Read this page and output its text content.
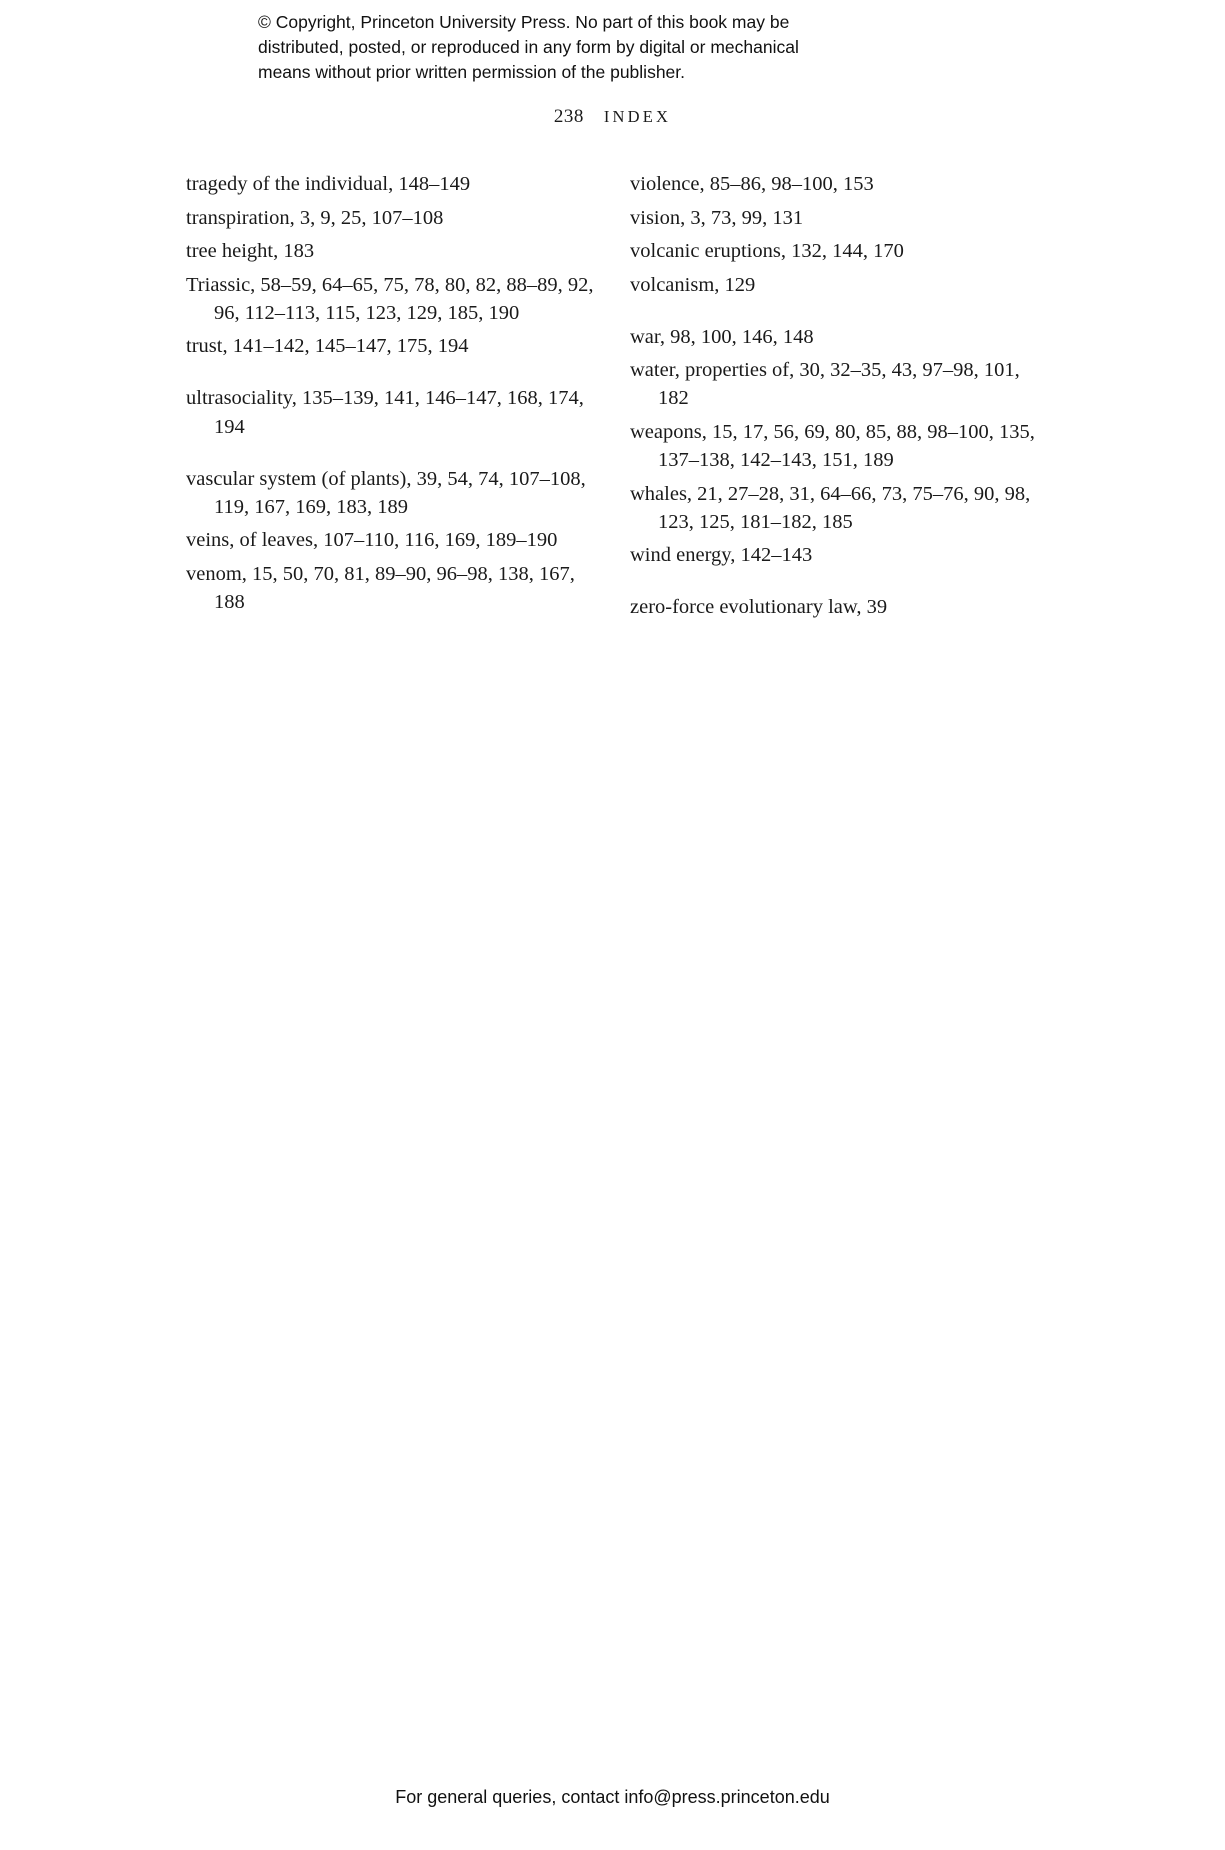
© Copyright, Princeton University Press. No part of this book may be
distributed, posted, or reproduced in any form by digital or mechanical
means without prior written permission of the publisher.
238 INDEX

tragedy of the individual, 148–149

transpiration, 3, 9, 25, 107–108

tree height, 183

Triassic, 58–59, 64–65, 75, 78, 80, 82, 88–89, 92, 96, 112–113, 115, 123, 129, 185, 190

trust, 141–142, 145–147, 175, 194

ultrasociality, 135–139, 141, 146–147, 168, 174, 194

vascular system (of plants), 39, 54, 74, 107–108, 119, 167, 169, 183, 189

veins, of leaves, 107–110, 116, 169, 189–190

venom, 15, 50, 70, 81, 89–90, 96–98, 138, 167, 188

violence, 85–86, 98–100, 153

vision, 3, 73, 99, 131

volcanic eruptions, 132, 144, 170

volcanism, 129

war, 98, 100, 146, 148

water, properties of, 30, 32–35, 43, 97–98, 101, 182

weapons, 15, 17, 56, 69, 80, 85, 88, 98–100, 135, 137–138, 142–143, 151, 189

whales, 21, 27–28, 31, 64–66, 73, 75–76, 90, 98, 123, 125, 181–182, 185

wind energy, 142–143

zero-force evolutionary law, 39

For general queries, contact info@press.princeton.edu
